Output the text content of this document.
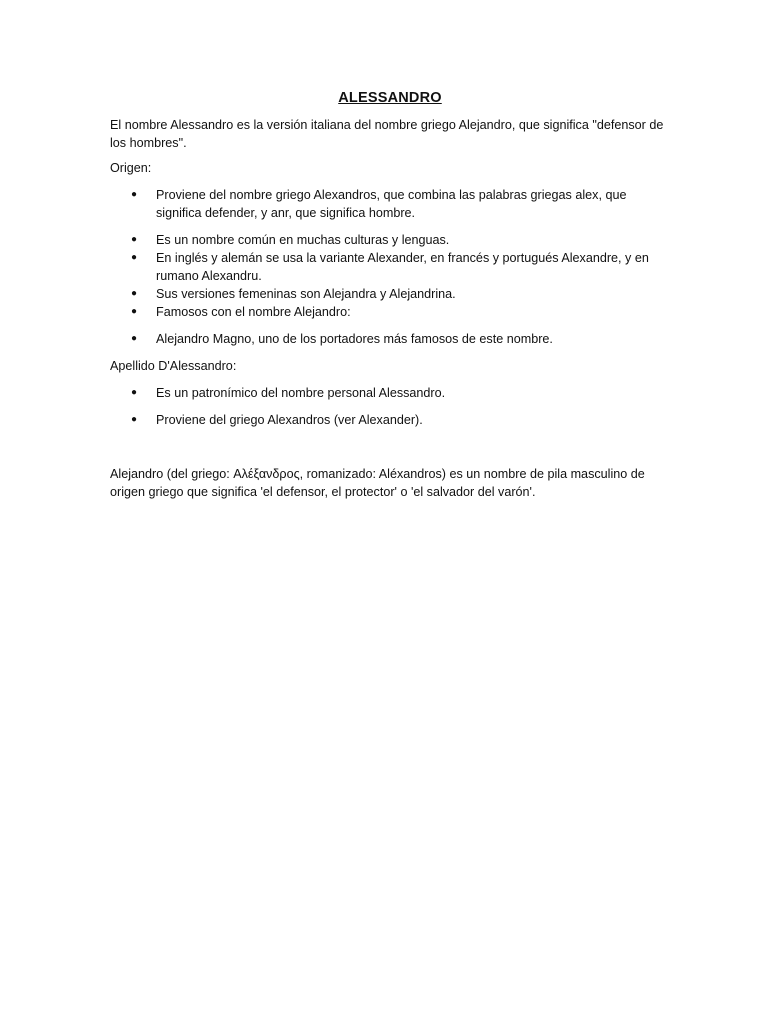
ALESSANDRO

El nombre Alessandro es la versión italiana del nombre griego Alejandro, que significa "defensor de los hombres".

Origen:

● Proviene del nombre griego Alexandros, que combina las palabras griegas alex, que significa defender, y anr, que significa hombre.
● Es un nombre común en muchas culturas y lenguas.
● En inglés y alemán se usa la variante Alexander, en francés y portugués Alexandre, y en rumano Alexandru.
● Sus versiones femeninas son Alejandra y Alejandrina.
● Famosos con el nombre Alejandro:
● Alejandro Magno, uno de los portadores más famosos de este nombre.

Apellido D'Alessandro:

● Es un patronímico del nombre personal Alessandro.
● Proviene del griego Alexandros (ver Alexander).

Alejandro (del griego: Αλέξανδρος, romanizado: Aléxandros) es un nombre de pila masculino de origen griego que significa 'el defensor, el protector' o 'el salvador del varón'.
